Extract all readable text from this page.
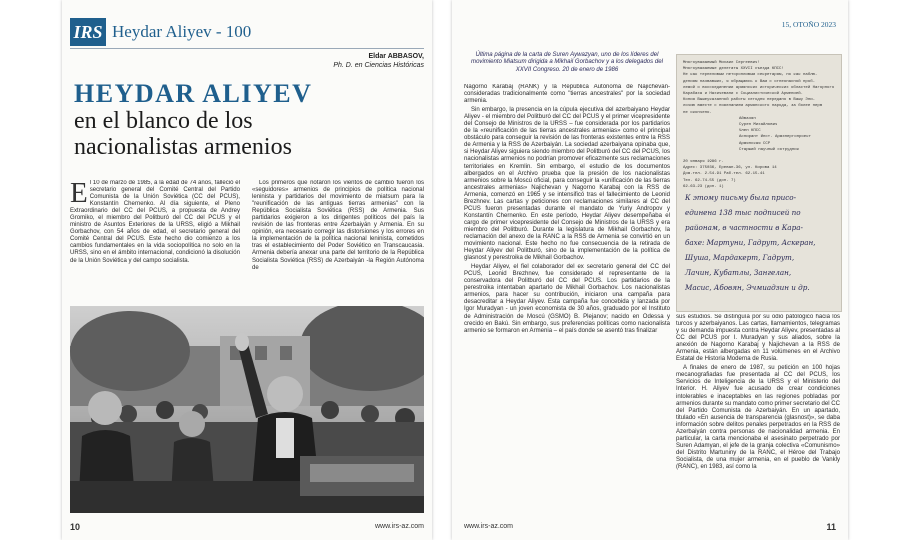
IRS Heydar Aliyev - 100
Eldar ABBASOV,
Ph. D. en Ciencias Históricas
HEYDAR ALIYEV
en el blanco de los
nacionalistas armenios

El 10 de marzo de 1985, a la edad de 74 años, falleció el secretario general del Comité Central del Partido Comunista de la Unión Soviética (CC del PCUS), Konstantín Chernenko. Al día siguiente, el Pleno Extraordinario del CC del PCUS, a propuesta de Andrey Gromiko, el miembro del Politburó del CC del PCUS y el ministro de Asuntos Exteriores de la URSS, eligió a Mikhail Gorbachov, con 54 años de edad, el secretario general del Comité Central del PCUS. Este hecho dio comienzo a los cambios fundamentales en la vida sociopolítica no solo en la URSS, sino en el ámbito internacional, condicionó la disolución de la Unión Soviética y del campo socialista.

Los primeros que notaron los vientos de cambio fueron los «seguidores» armenios de principios de política nacional leninista y partidarios del movimiento de miatsum para la "reunificación de las antiguas tierras armenias" con la República Socialista Soviética (RSS) de Armenia. Sus partidarios exigieron a los dirigentes políticos del país la revisión de las fronteras entre Azerbaiyán y Armenia. En su opinión, era necesario corregir las distorsiones y los errores en la implementación de la política nacional leninista, cometidos tras el establecimiento del Poder Soviético en Transcaucasia. Armenia debería anexar una parte del territorio de la República Socialista Soviética (RSS) de Azerbaiyán -la Región Autónoma de

10	www.irs-az.com
15, OTOÑO 2023
Última página de la carta de Suren Aywazyan, uno de los líderes del movimiento Miatsum dirigida a Mikhail Gorbachov y a los delegados del XXVII Congreso. 20 de enero de 1986

Nagorno Karabaj (RANK) y la República Autónoma de Najichevan- consideradas tradicionalmente como "tierras ancestrales" por la sociedad armenia.

Sin embargo, la presencia en la cúpula ejecutiva del azerbaiyano Heydar Aliyev - el miembro del Politburó del CC del PCUS y el primer vicepresidente del Consejo de Ministros de la URSS – fue considerada por los partidarios de la «reunificación de las tierras ancestrales armenias» como el principal obstáculo para conseguir la revisión de las fronteras existentes entre la RSS de Armenia y la RSS de Azerbaiyán. La sociedad azerbaiyana opinaba que, si Heydar Aliyev siguiera siendo miembro del Politburó del CC del PCUS, los nacionalistas armenios no podrían promover eficazmente sus reclamaciones territoriales en Kremlin. Sin embargo, el estudio de los documentos albergados en el Archivo prueba que la presión de los nacionalistas armenios sobre la Moscú oficial, para conseguir la «unificación de las tierras ancestrales armenias» Najichevan y Nagorno Karabaj con la RSS de Armenia, comenzó en 1965 y se intensificó tras el fallecimiento de Leonid Brezhnev. Las cartas y peticiones con reclamaciones similares al CC del PCUS fueron presentadas durante el mandato de Yuriy Andropov y Konstantín Chernenko. En este período, Heydar Aliyev desempeñaba el cargo de primer vicepresidente del Consejo de Ministros de la URSS y era miembro del Politburó. Durante la legislatura de Mikhail Gorbachov, la reclamación del anexo de la RANC a la RSS de Armenia se convirtió en un movimiento nacional. Este hecho no fue consecuencia de la retirada de Heydar Aliyev del Politburó, sino de la implementación de la política de glasnost y perestroika de Mikhail Gorbachov.

Heydar Aliyev, el fiel colaborador del ex secretario general del CC del PCUS, Leonid Brezhnev, fue considerado el representante de la conservadora del Politburó del CC del PCUS. Los partidarios de la perestroika intentaban apartarlo de Mikhail Gorbachov. Los nacionalistas armenios, para hacer su contribución, iniciaron una campaña para desacreditar a Heydar Aliyev. Esta campaña fue concebida y lanzada por Igor Muradyan - un joven economista de 30 años, graduado por el Instituto de Administración de Moscú (GSMO) B. Plejanov; nacido en Odessa y crecido en Bakú. Sin embargo, sus preferencias políticas como nacionalista armenio se formaron en Armenia – el país donde se asentó tras finalizar

Многоуважаемый Михаил Сергеевич!
Многоуважаемые делегаты XXVII съезда КПСС!
Не как терпеливым неторопливым секретарям, но как наблю-
дениям назвавших, я обращаюсь к Вам с огнеопасной проб-
лемой о воссоединении армянских исторических областей Нагорного
Карабаха и Нахичевани с Социалистической Арменией.
Копия Вышеуказанной работы сегодня передано в Вашу Эпи-
лочию вместе с пожеланием армянского народа, за более нерв
не окончено.
Айвазян
Сурен Михайлович
Член КПСС
Аспирант Инст. Армэнергопроект
Армянская ССР
Старший научный сотрудник
20 января 1986 г.
Адрес: 375036, Ереван-36, ул. Кирова 14
Дом.тел. 2-54-91 Раб.тел. 62-15-41
Тел. 62-74-55 (доп. 7)
62-63-23 (доп. 1)
К этому письму была присо-
единена 138 тыс подписей по
районам, в частности в Кара-
бахе: Мартуни, Гадрут, Аскеран,
Шуша, Мардакерт, Гадрут,
Лачин, Кубатлы, Зангелан,
Масис, Абовян, Эчмиадзин и др.

sus estudios. Se distinguía por su odio patológico hacia los turcos y azerbaiyanos. Las cartas, llamamientos, telegramas y su demanda impuesta contra Heydar Aliyev, presentadas al CC del PCUS por I. Muradyan y sus aliados, sobre la anexión de Nagorno Karabaj y Najichevan a la RSS de Armenia, están albergadas en 11 volúmenes en el Archivo Estatal de Historia Moderna de Rusia.

A finales de enero de 1987, su petición en 100 hojas mecanografiadas fue presentada al CC del PCUS, los Servicios de Inteligencia de la URSS y el Ministerio del Interior. H. Aliyev fue acusado de crear condiciones intolerables e inaceptables en las regiones pobladas por armenios durante su mandato como primer secretario del CC del Partido Comunista de Azerbaiyán. En un apartado, titulado «En ausencia de transparencia (glasnost)», se daba información sobre delitos penales perpetrados en la RSS de Azerbaiyán contra personas de nacionalidad armenia. En particular, la carta mencionaba el asesinato perpetrado por Suren Adamyan, el jefe de la granja colectiva «Comunismo» del Distrito Martuniny de la RANC, el Héroe del Trabajo Socialista, de una mujer armenia, en el pueblo de Vankly (RANC), en 1983, así como la

www.irs-az.com	11
